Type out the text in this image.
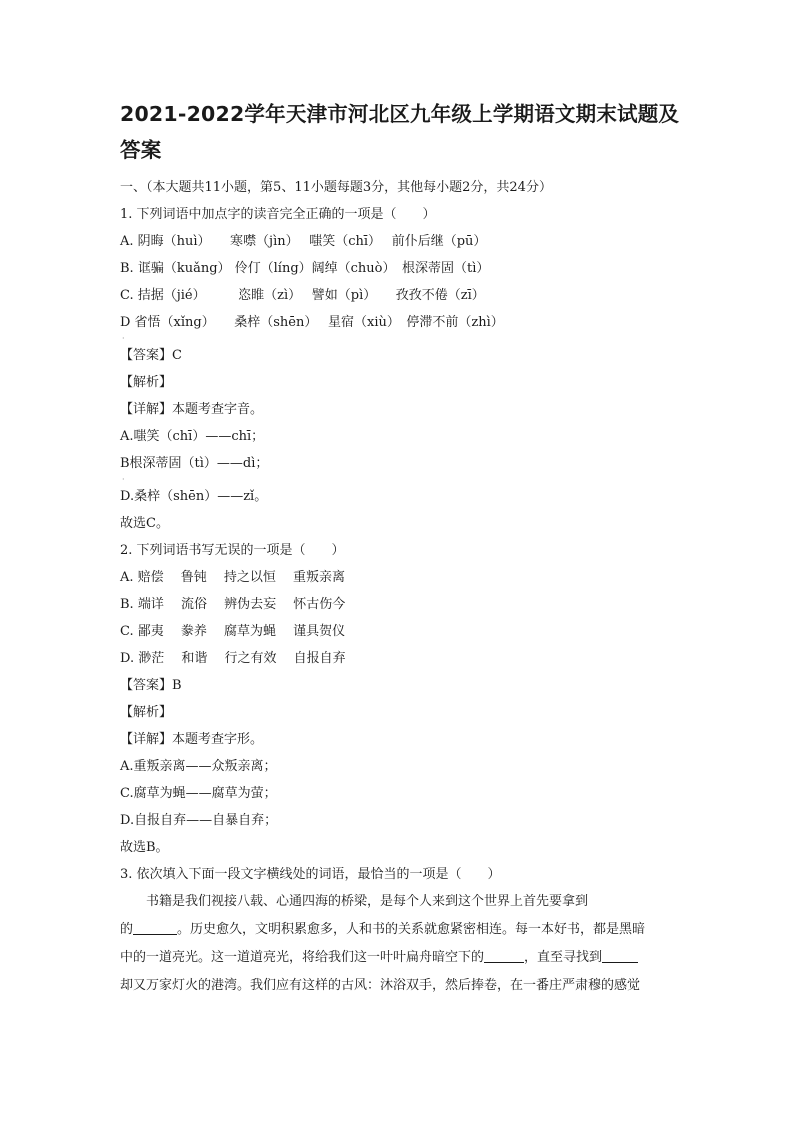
2021-2022学年天津市河北区九年级上学期语文期末试题及
答案
一、（本大题共11小题，第5、11小题每题3分，其他每小题2分，共24分）
1. 下列词语中加点字的读音完全正确的一项是（　　）
A. 阴晦（huì）　　寒噤（jìn）　 嗤笑（chī）　 前仆后继（pū）
B. 诓骗（kuǎng） 伶仃（líng）阔绰（chuò）　根深蒂固（tì）
C. 拮据（jié）　　　恣睢（zì）　 譬如（pì）　　孜孜不倦（zī）
D 省悟（xǐng）　　桑梓（shēn）　 星宿（xiù）　停滞不前（zhì）
·
【答案】C
【解析】
【详解】本题考查字音。
A.嗤笑（chī）——chī；
B根深蒂固（tì）——dì；
·
D.桑梓（shēn）——zǐ。
故选C。
2. 下列词语书写无误的一项是（　　）
A. 赔偿　 鲁钝　 持之以恒　 重叛亲离
B. 端详　 流俗　 辨伪去妄　 怀古伤今
C. 鄙夷　 豢养　 腐草为蝇　 谨具贺仪
D. 渺茫　 和谐　 行之有效　 自报自弃
【答案】B
【解析】
【详解】本题考查字形。
A.重叛亲离——众叛亲离；
C.腐草为蝇——腐草为萤；
D.自报自弃——自暴自弃；
故选B。
3. 依次填入下面一段文字横线处的词语，最恰当的一项是（　　）
书籍是我们视接八载、心通四海的桥梁，是每个人来到这个世界上首先要拿到
的	。历史愈久，文明积累愈多，人和书的关系就愈紧密相连。每一本好书，都是黑暗
中的一道亮光。这一道道亮光，将给我们这一叶叶扁舟暗空下的	，直至寻找到
却又万家灯火的港湾。我们应有这样的古风：沐浴双手，然后捧卷，在一番庄严肃穆的感觉
